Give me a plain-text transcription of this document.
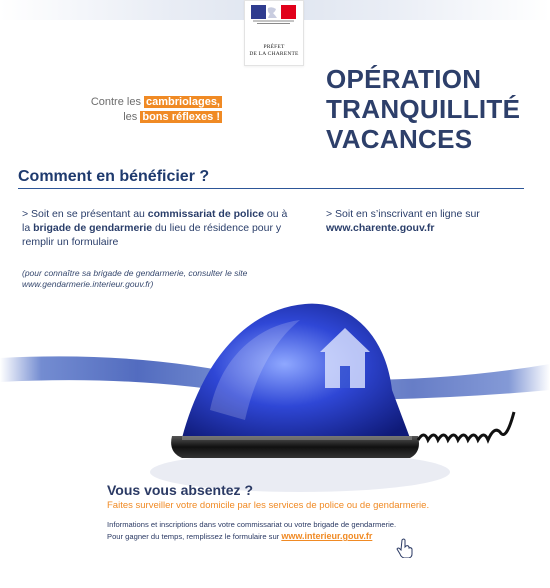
PRÉFET
DE LA CHARENTE
Contre les cambriolages,
les bons réflexes !
OPÉRATION
TRANQUILLITÉ
VACANCES
Comment en bénéficier ?
> Soit en se présentant au commissariat de police ou à la brigade de gendarmerie du lieu de résidence pour y remplir un formulaire
> Soit en s’inscrivant en ligne sur
www.charente.gouv.fr
(pour connaître sa brigade de gendarmerie, consulter le site www.gendarmerie.interieur.gouv.fr)
Vous vous absentez ?
Faites surveiller votre domicile par les services de police ou de gendarmerie.
Informations et inscriptions dans votre commissariat ou votre brigade de gendarmerie.
Pour gagner du temps, remplissez le formulaire sur www.interieur.gouv.fr
